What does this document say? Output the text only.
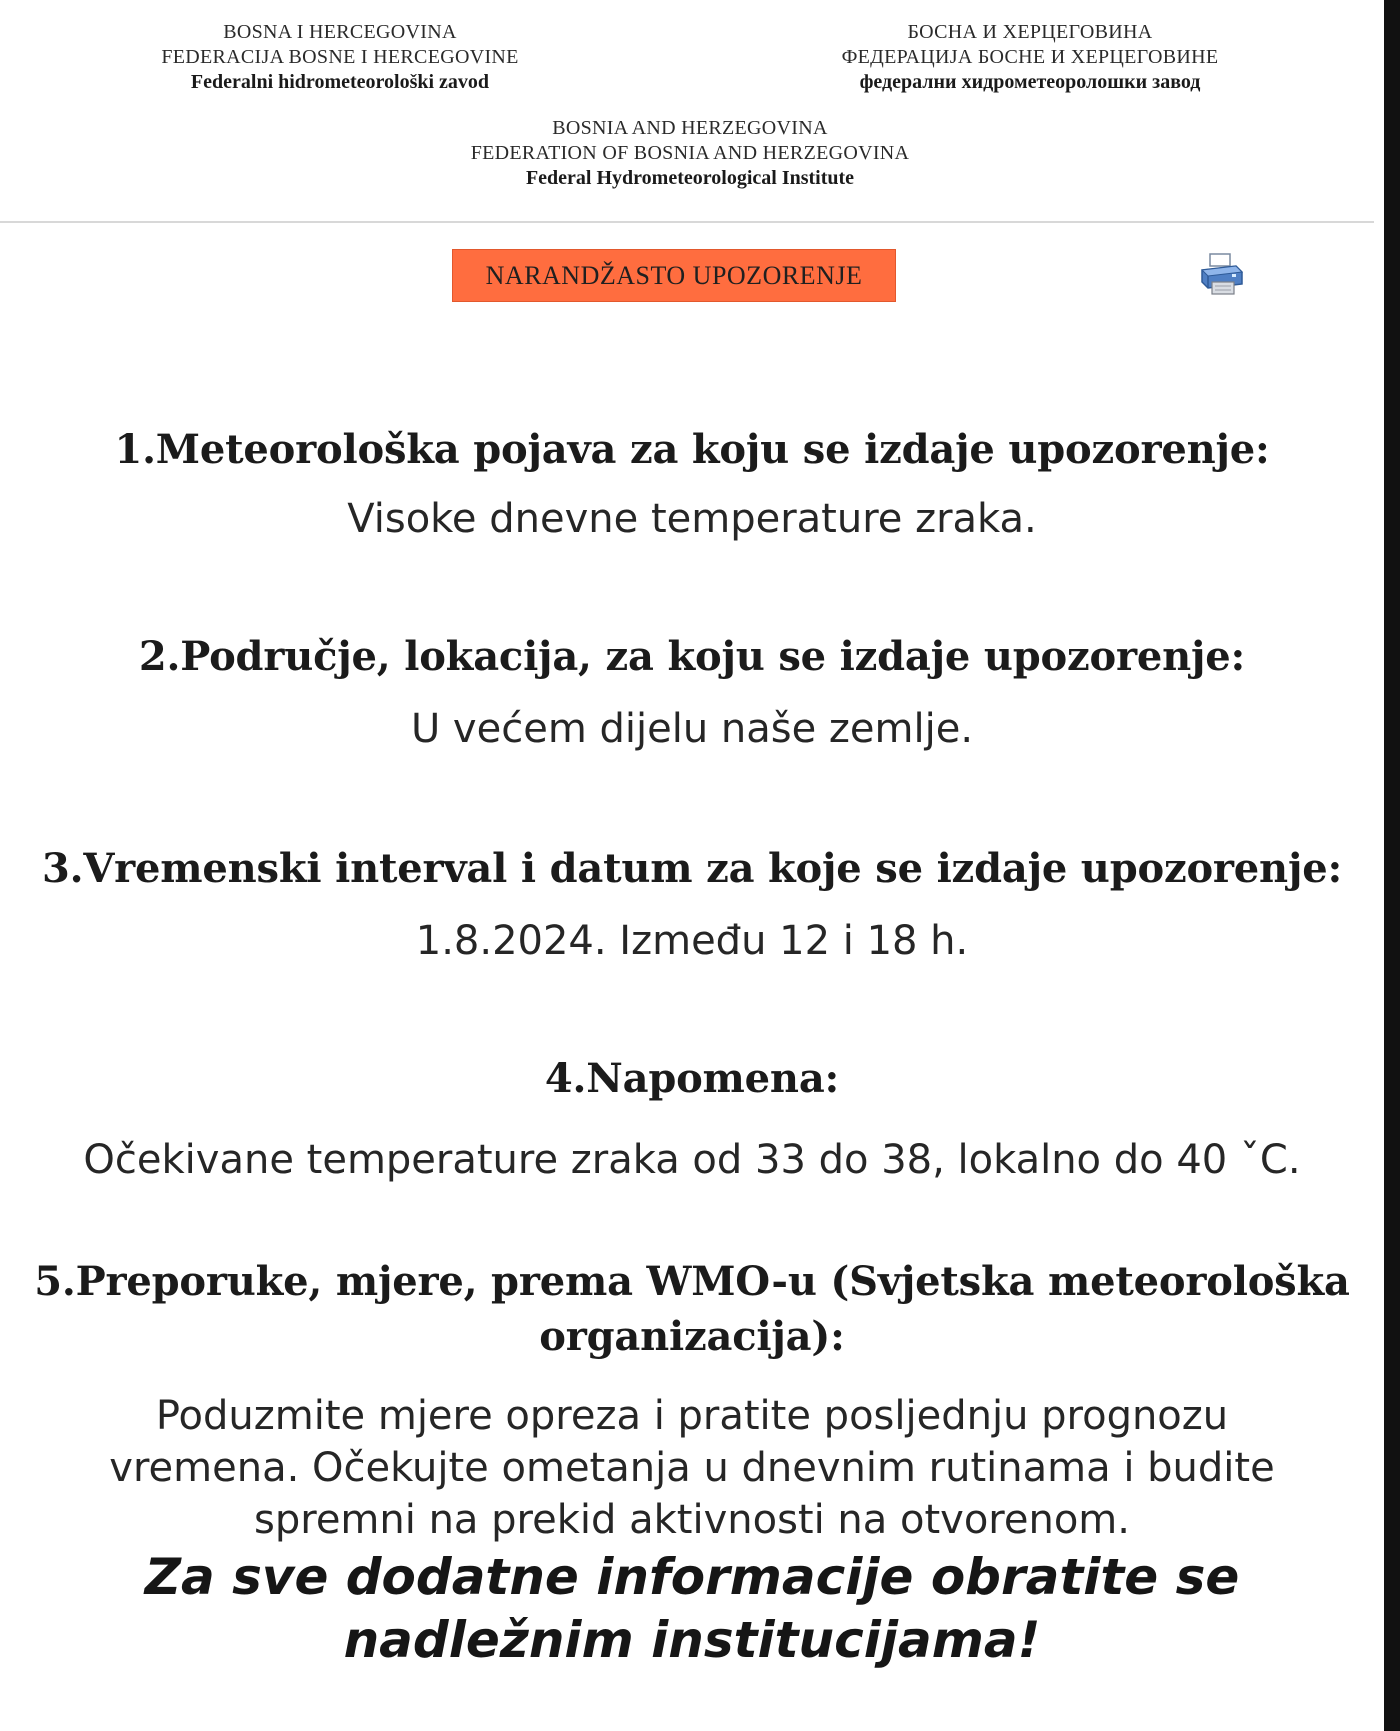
BOSNA I HERCEGOVINA
FEDERACIJA BOSNE I HERCEGOVINE
Federalni hidrometeorološki zavod
БОСНА И ХЕРЦЕГОВИНА
ФЕДЕРАЦИЈА БОСНЕ И ХЕРЦЕГОВИНЕ
федерални хидрометеоролошки завод
BOSNIA AND HERZEGOVINA
FEDERATION OF BOSNIA AND HERZEGOVINA
Federal Hydrometeorological Institute
NARANDŽASTO UPOZORENJE
1.Meteorološka pojava za koju se izdaje upozorenje:
Visoke dnevne temperature zraka.
2.Područje, lokacija, za koju se izdaje upozorenje:
U većem dijelu naše zemlje.
3.Vremenski interval i datum za koje se izdaje upozorenje:
1.8.2024. Između 12 i 18 h.
4.Napomena:
Očekivane temperature zraka od 33 do 38, lokalno do 40 ˇC.
5.Preporuke, mjere, prema WMO-u (Svjetska meteorološka
organizacija):
Poduzmite mjere opreza i pratite posljednju prognozu
vremena. Očekujte ometanja u dnevnim rutinama i budite
spremni na prekid aktivnosti na otvorenom.
Za sve dodatne informacije obratite se
nadležnim institucijama!
